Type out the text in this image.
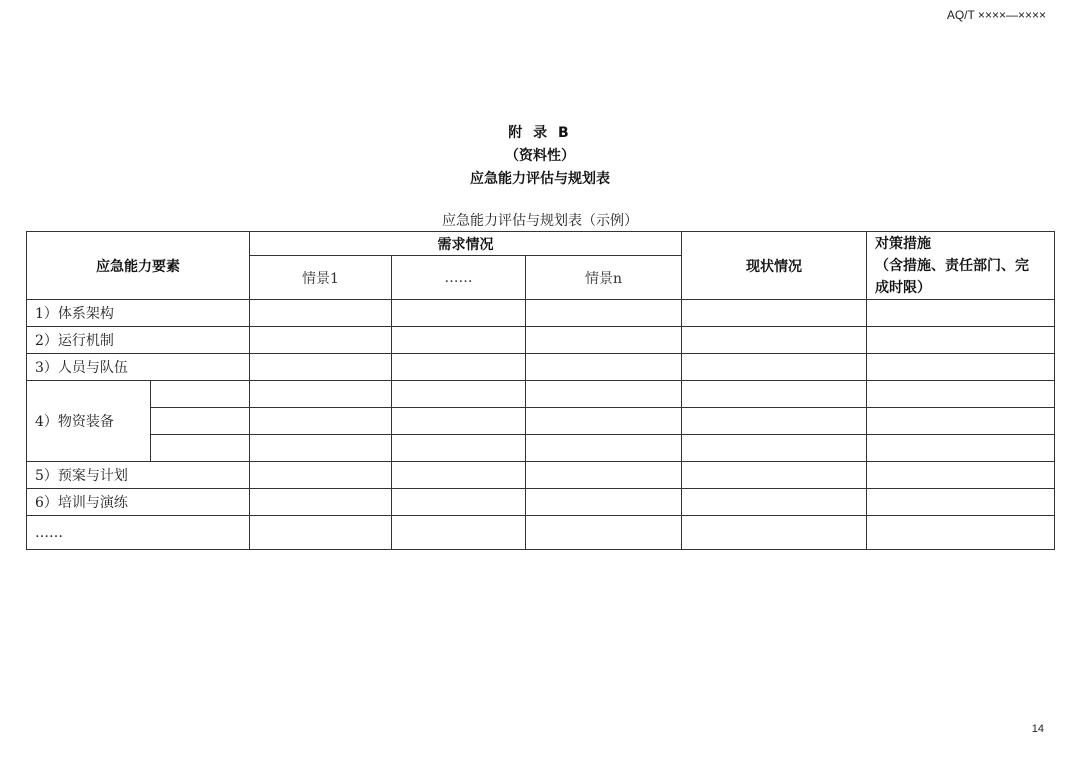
AQ/T ××××—××××
附 录 B
（资料性）
应急能力评估与规划表
应急能力评估与规划表（示例）
应急能力要素		需求情况			现状情况	对策措施
（含措施、责任部门、完
成时限）

		情景1	……	情景n		
1）体系架构						
2）运行机制						
3）人员与队伍						
4）物资装备						

5）预案与计划						
6）培训与演练						
……						
14
